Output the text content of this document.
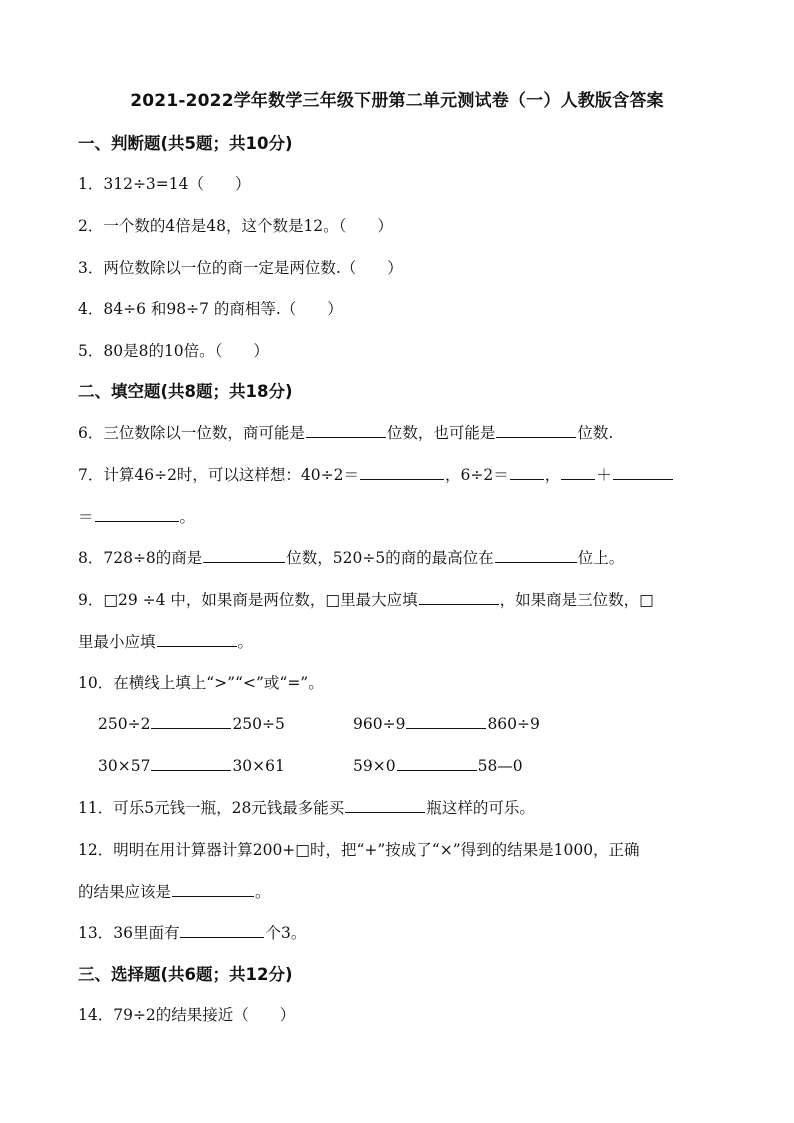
2021-2022学年数学三年级下册第二单元测试卷（一）人教版含答案
一、判断题(共5题；共10分)
1．312÷3=14（　　）
2．一个数的4倍是48，这个数是12。（　　）
3．两位数除以一位的商一定是两位数.（　　）
4．84÷6 和98÷7 的商相等.（　　）
5．80是8的10倍。（　　）
二、填空题(共8题；共18分)
6．三位数除以一位数，商可能是	位数，也可能是	位数.
7．计算46÷2时，可以这样想：40÷2＝	，6÷2＝ ， ＋
＝	。
8．728÷8的商是	位数，520÷5的商的最高位在	位上。
9．□29 ÷4 中，如果商是两位数，□里最大应填	，如果商是三位数，□
里最小应填	。
10．在横线上填上“>”“<”或“=”。
250÷2	250÷5	960÷9	860÷9
30×57	30×61	59×0	58—0
11．可乐5元钱一瓶，28元钱最多能买	瓶这样的可乐。
12．明明在用计算器计算200+□时，把“+”按成了“×”得到的结果是1000，正确
的结果应该是	。
13．36里面有	个3。
三、选择题(共6题；共12分)
14．79÷2的结果接近（　　）
